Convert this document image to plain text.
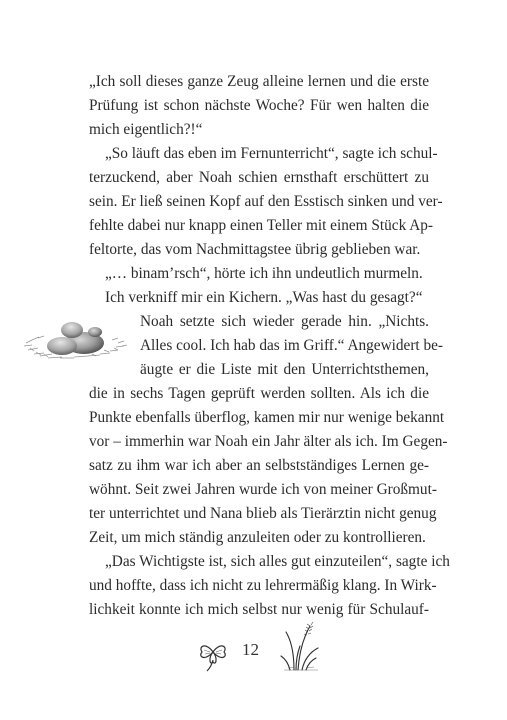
„Ich soll dieses ganze Zeug alleine lernen und die erste
Prüfung ist schon nächste Woche? Für wen halten die
mich eigentlich?!“
„So läuft das eben im Fernunterricht“, sagte ich schul-
terzuckend, aber Noah schien ernsthaft erschüttert zu
sein. Er ließ seinen Kopf auf den Esstisch sinken und ver-
fehlte dabei nur knapp einen Teller mit einem Stück Ap-
feltorte, das vom Nachmittagstee übrig geblieben war.
„… binam’rsch“, hörte ich ihn undeutlich murmeln.
Ich verkniff mir ein Kichern. „Was hast du gesagt?“
Noah setzte sich wieder gerade hin. „Nichts.
Alles cool. Ich hab das im Griff.“ Angewidert be-
äugte er die Liste mit den Unterrichtsthemen,
die in sechs Tagen geprüft werden sollten. Als ich die
Punkte ebenfalls überflog, kamen mir nur wenige bekannt
vor – immerhin war Noah ein Jahr älter als ich. Im Gegen-
satz zu ihm war ich aber an selbstständiges Lernen ge-
wöhnt. Seit zwei Jahren wurde ich von meiner Großmut-
ter unterrichtet und Nana blieb als Tierärztin nicht genug
Zeit, um mich ständig anzuleiten oder zu kontrollieren.
„Das Wichtigste ist, sich alles gut einzuteilen“, sagte ich
und hoffte, dass ich nicht zu lehrermäßig klang. In Wirk-
lichkeit konnte ich mich selbst nur wenig für Schulauf-
12
